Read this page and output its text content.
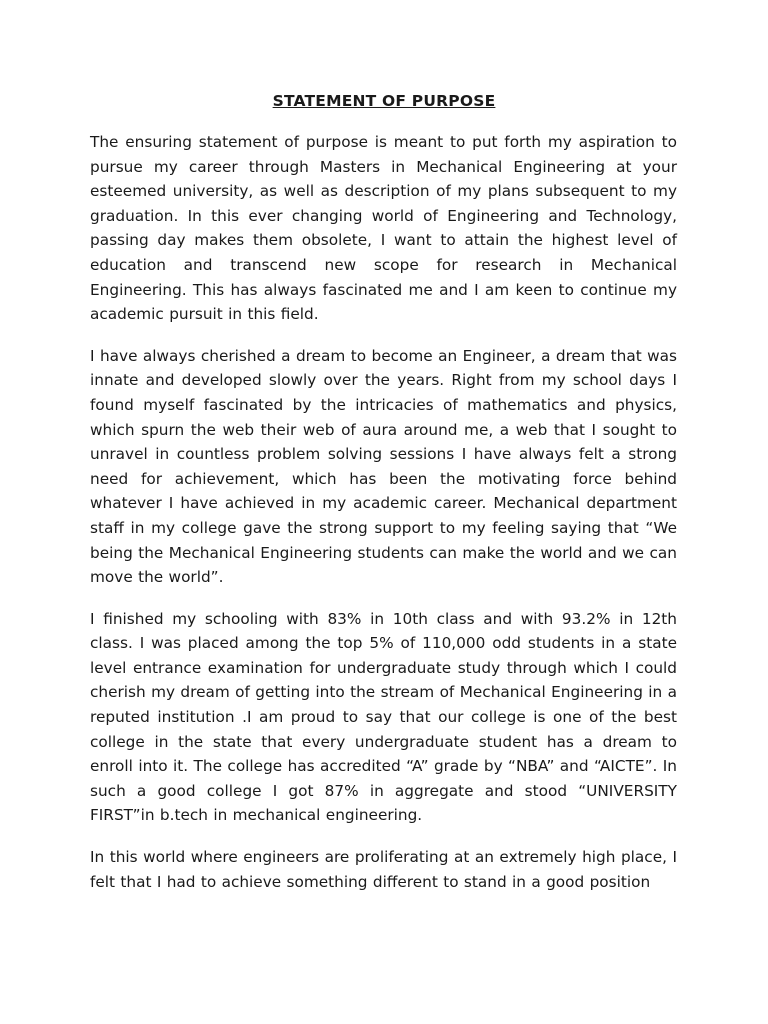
STATEMENT OF PURPOSE

The ensuring statement of purpose is meant to put forth my aspiration to pursue my career through Masters in Mechanical Engineering at your esteemed university, as well as description of my plans subsequent to my graduation. In this ever changing world of Engineering and Technology, passing day makes them obsolete, I want to attain the highest level of education and transcend new scope for research in Mechanical Engineering. This has always fascinated me and I am keen to continue my academic pursuit in this field.

I have always cherished a dream to become an Engineer, a dream that was innate and developed slowly over the years. Right from my school days I found myself fascinated by the intricacies of mathematics and physics, which spurn the web their web of aura around me, a web that I sought to unravel in countless problem solving sessions I have always felt a strong need for achievement, which has been the motivating force behind whatever I have achieved in my academic career. Mechanical department staff in my college gave the strong support to my feeling saying that “We being the Mechanical Engineering students can make the world and we can move the world”.

I finished my schooling with 83% in 10th class and with 93.2% in 12th class. I was placed among the top 5% of 110,000 odd students in a state level entrance examination for undergraduate study through which I could cherish my dream of getting into the stream of Mechanical Engineering in a reputed institution .I am proud to say that our college is one of the best college in the state that every undergraduate student has a dream to enroll into it. The college has accredited “A” grade by “NBA” and “AICTE”. In such a good college I got 87% in aggregate and stood “UNIVERSITY FIRST”in b.tech in mechanical engineering.

In this world where engineers are proliferating at an extremely high place, I felt that I had to achieve something different to stand in a good position
